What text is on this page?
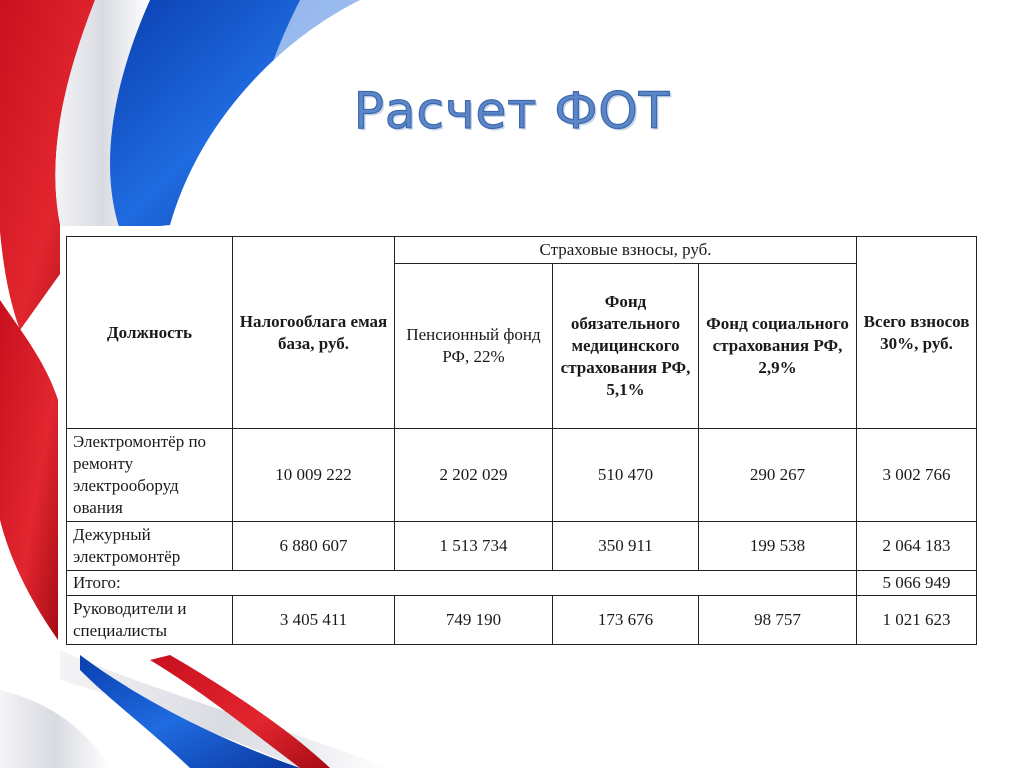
Расчет ФОТ
Должность	Налогооблага емая база, руб.	Страховые взносы, руб.			Всего взносов 30%, руб.
		Пенсионный фонд РФ, 22%	Фонд обязательного медицинского страхования РФ, 5,1%	Фонд социального страхования РФ, 2,9%	
Электромонтёр по ремонту электрооборуд ования	10 009 222	2 202 029	510 470	290 267	3 002 766
Дежурный электромонтёр	6 880 607	1 513 734	350 911	199 538	2 064 183
Итого:					5 066 949
Руководители и специалисты	3 405 411	749 190	173 676	98 757	1 021 623
